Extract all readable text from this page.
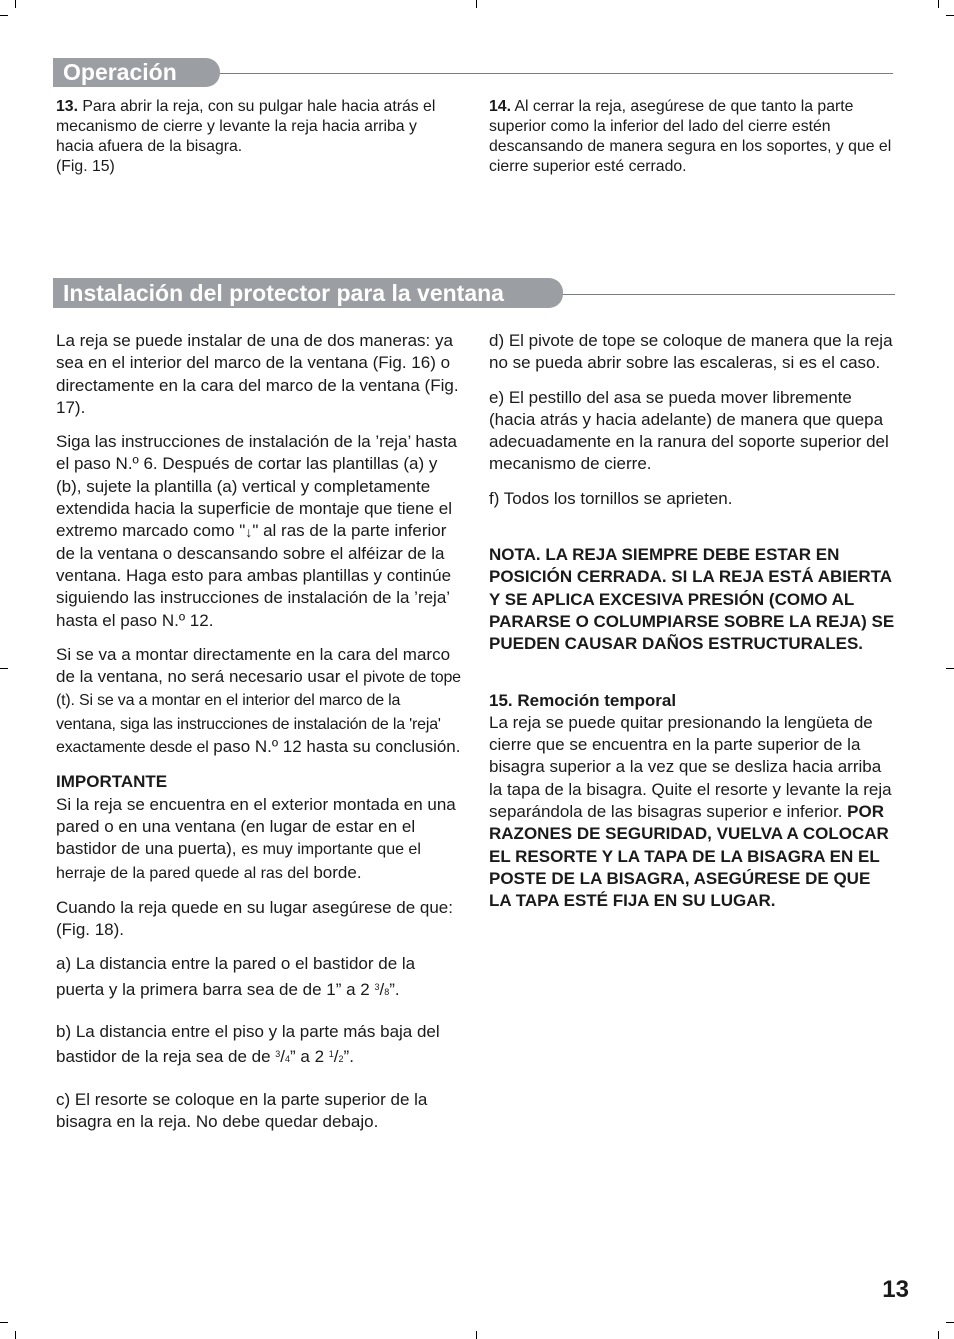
Operación
13. Para abrir la reja, con su pulgar hale hacia atrás el mecanismo de cierre y levante la reja hacia arriba y hacia afuera de la bisagra.
(Fig. 15)
14. Al cerrar la reja, asegúrese de que tanto la parte superior como la inferior del lado del cierre estén descansando de manera segura en los soportes, y que el cierre superior esté cerrado.
Instalación del protector para la ventana

La reja se puede instalar de una de dos maneras: ya sea en el interior del marco de la ventana (Fig. 16) o directamente en la cara del marco de la ventana (Fig. 17).

Siga las instrucciones de instalación de la ’reja’ hasta el paso N.º 6. Después de cortar las plantillas (a) y (b), sujete la plantilla (a) vertical y completamente extendida hacia la superficie de montaje que tiene el extremo marcado como "↓" al ras de la parte inferior de la ventana o descansando sobre el alféizar de la ventana. Haga esto para ambas plantillas y continúe siguiendo las instrucciones de instalación de la ’reja’ hasta el paso N.º 12.

Si se va a montar directamente en la cara del marco de la ventana, no será necesario usar el pivote de tope (t). Si se va a montar en el interior del marco de la ventana, siga las instrucciones de instalación de la 'reja' exactamente desde el paso N.º 12 hasta su conclusión.

IMPORTANTE
Si la reja se encuentra en el exterior montada en una pared o en una ventana (en lugar de estar en el bastidor de una puerta), es muy importante que el herraje de la pared quede al ras del borde.

Cuando la reja quede en su lugar asegúrese de que: (Fig. 18).

a) La distancia entre la pared o el bastidor de la puerta y la primera barra sea de de 1” a 2 $^3$/8”.

b) La distancia entre el piso y la parte más baja del bastidor de la reja sea de de $^3$/4” a 2 $^1$/2”.

c) El resorte se coloque en la parte superior de la bisagra en la reja. No debe quedar debajo.

d) El pivote de tope se coloque de manera que la reja no se pueda abrir sobre las escaleras, si es el caso.

e) El pestillo del asa se pueda mover libremente (hacia atrás y hacia adelante) de manera que quepa adecuadamente en la ranura del soporte superior del mecanismo de cierre.

f) Todos los tornillos se aprieten.

NOTA. LA REJA SIEMPRE DEBE ESTAR EN POSICIÓN CERRADA. SI LA REJA ESTÁ ABIERTA Y SE APLICA EXCESIVA PRESIÓN (COMO AL PARARSE O COLUMPIARSE SOBRE LA REJA) SE PUEDEN CAUSAR DAÑOS ESTRUCTURALES.

15. Remoción temporal
La reja se puede quitar presionando la lengüeta de cierre que se encuentra en la parte superior de la bisagra superior a la vez que se desliza hacia arriba la tapa de la bisagra. Quite el resorte y levante la reja separándola de las bisagras superior e inferior. POR RAZONES DE SEGURIDAD, VUELVA A COLOCAR EL RESORTE Y LA TAPA DE LA BISAGRA EN EL POSTE DE LA BISAGRA, ASEGÚRESE DE QUE LA TAPA ESTÉ FIJA EN SU LUGAR.

13
